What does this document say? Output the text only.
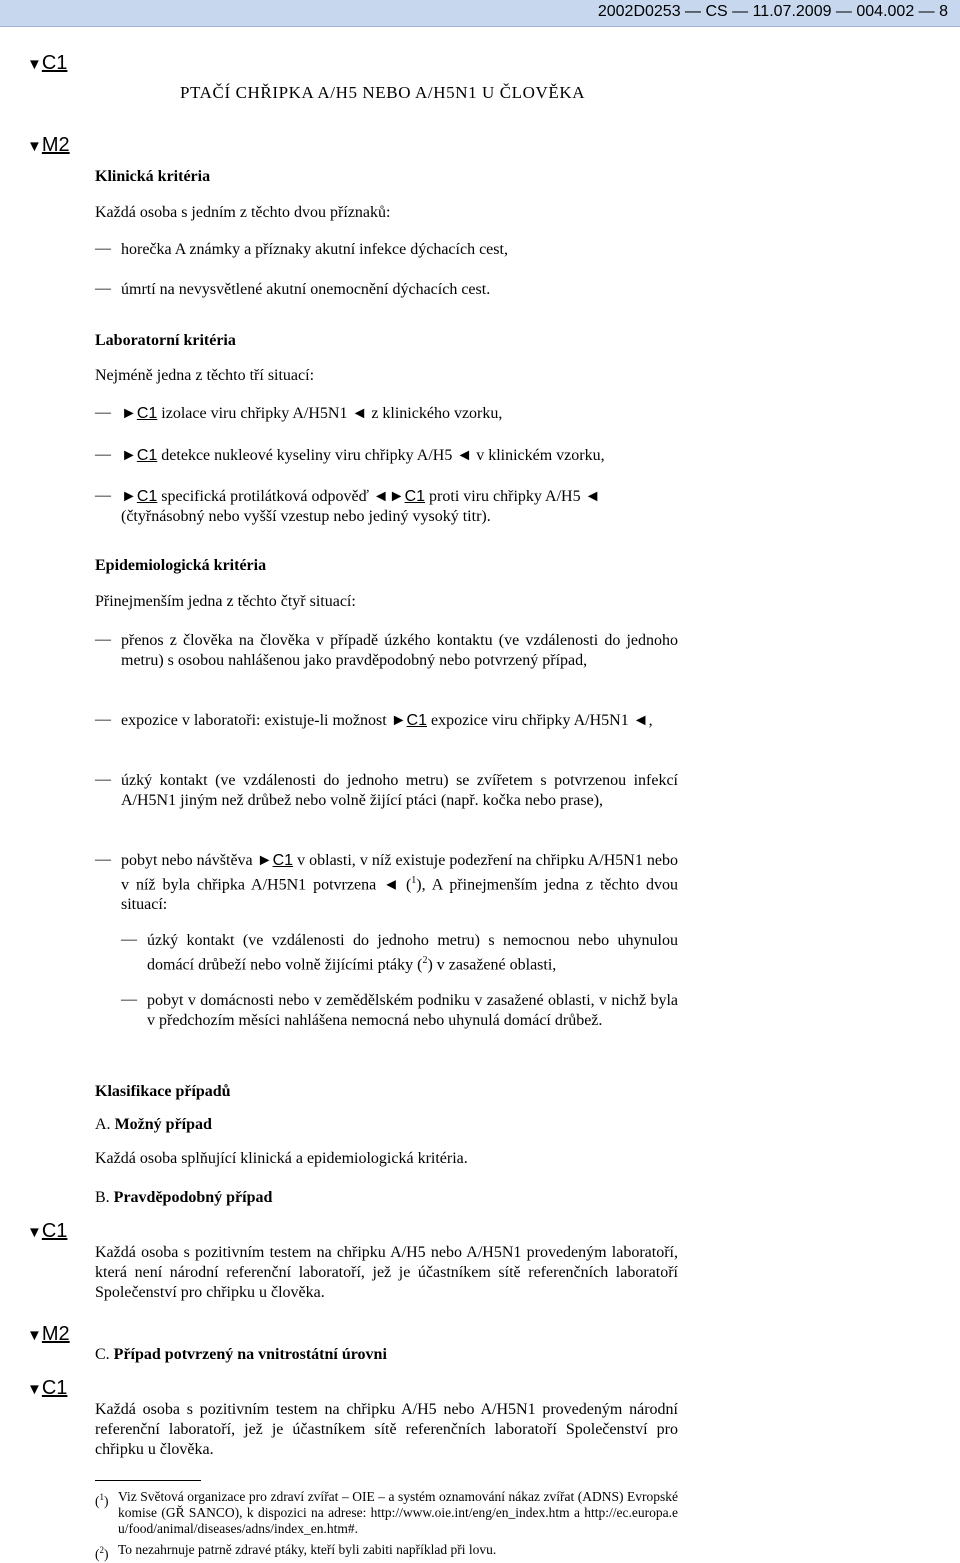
2002D0253 — CS — 11.07.2009 — 004.002 — 8
▼C1
PTAČÍ CHŘIPKA A/H5 NEBO A/H5N1 U ČLOVĚKA
▼M2
Klinická kritéria
Každá osoba s jedním z těchto dvou příznaků:
— horečka A známky a příznaky akutní infekce dýchacích cest,
— úmrtí na nevysvětlené akutní onemocnění dýchacích cest.
Laboratorní kritéria
Nejméně jedna z těchto tří situací:
— ►C1 izolace viru chřipky A/H5N1 ◄ z klinického vzorku,
— ►C1 detekce nukleové kyseliny viru chřipky A/H5 ◄ v klinickém vzorku,
— ►C1 specifická protilátková odpověď ◄►C1 proti viru chřipky A/H5 ◄
(čtyřnásobný nebo vyšší vzestup nebo jediný vysoký titr).
Epidemiologická kritéria
Přinejmenším jedna z těchto čtyř situací:
— přenos z člověka na člověka v případě úzkého kontaktu (ve vzdálenosti do jednoho metru) s osobou nahlášenou jako pravděpodobný nebo potvrzený případ,
— expozice v laboratoři: existuje-li možnost ►C1 expozice viru chřipky A/H5N1 ◄,
— úzký kontakt (ve vzdálenosti do jednoho metru) se zvířetem s potvrzenou infekcí A/H5N1 jiným než drůbež nebo volně žijící ptáci (např. kočka nebo prase),
— pobyt nebo návštěva ►C1 v oblasti, v níž existuje podezření na chřipku A/H5N1 nebo v níž byla chřipka A/H5N1 potvrzena ◄ ($^1$), A přinejmenším jedna z těchto dvou situací:
— úzký kontakt (ve vzdálenosti do jednoho metru) s nemocnou nebo uhynulou domácí drůbeží nebo volně žijícími ptáky ($^2$) v zasažené oblasti,
— pobyt v domácnosti nebo v zemědělském podniku v zasažené oblasti, v nichž byla v předchozím měsíci nahlášena nemocná nebo uhynulá domácí drůbež.
Klasifikace případů
A. Možný případ
Každá osoba splňující klinická a epidemiologická kritéria.
B. Pravděpodobný případ
▼C1
Každá osoba s pozitivním testem na chřipku A/H5 nebo A/H5N1 provedeným laboratoří, která není národní referenční laboratoří, jež je účastníkem sítě referenčních laboratoří Společenství pro chřipku u člověka.
▼M2
C. Případ potvrzený na vnitrostátní úrovni
▼C1
Každá osoba s pozitivním testem na chřipku A/H5 nebo A/H5N1 provedeným národní referenční laboratoří, jež je účastníkem sítě referenčních laboratoří Společenství pro chřipku u člověka.
($^1$) Viz Světová organizace pro zdraví zvířat – OIE – a systém oznamování nákaz zvířat (ADNS) Evropské komise (GŘ SANCO), k dispozici na adrese: http://www.oie.int/eng/en_index.htm a http://ec.europa.eu/food/animal/diseases/adns/index_en.htm#.
($^2$) To nezahrnuje patrně zdravé ptáky, kteří byli zabiti například při lovu.
